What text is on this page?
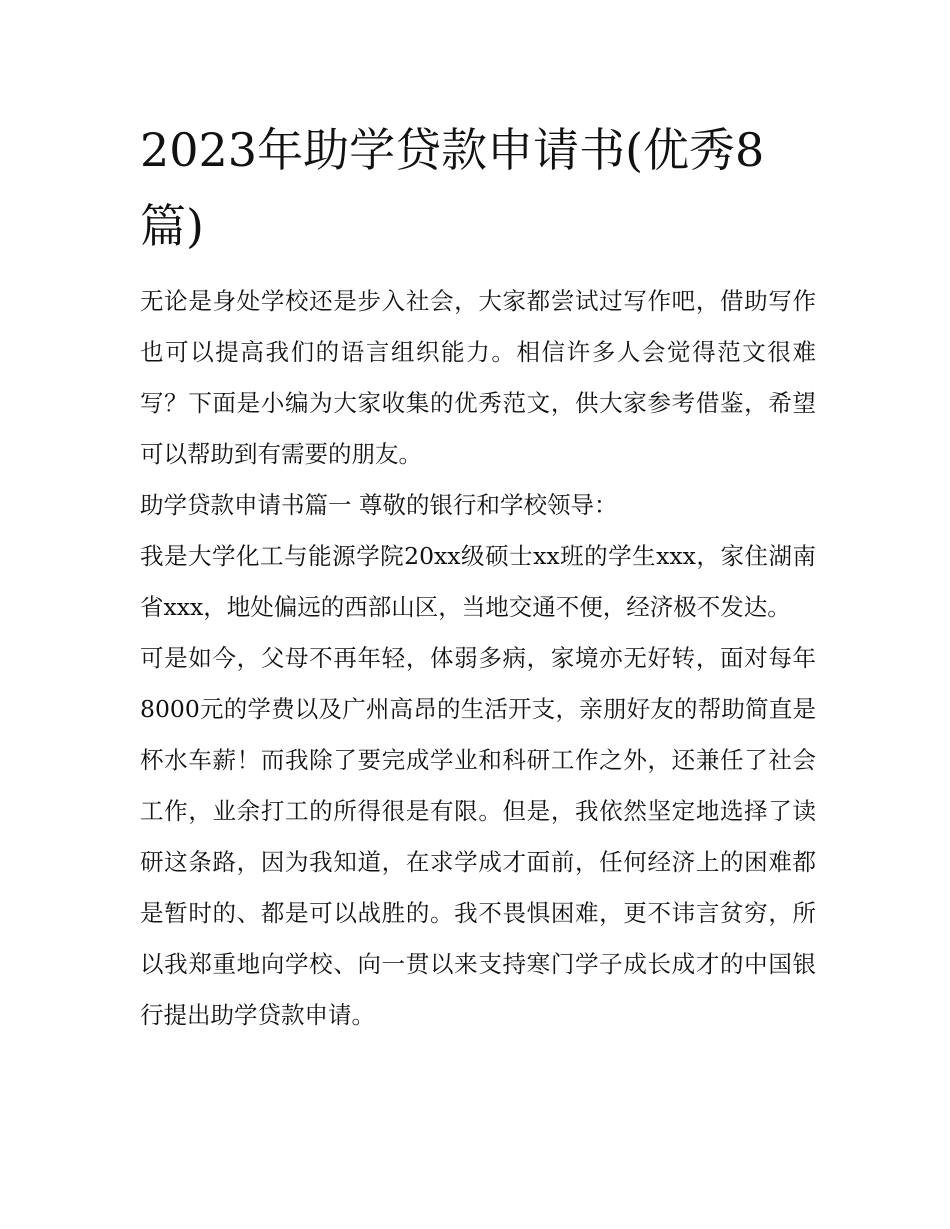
2023年助学贷款申请书(优秀8篇)

无论是身处学校还是步入社会，大家都尝试过写作吧，借助写作也可以提高我们的语言组织能力。相信许多人会觉得范文很难写？下面是小编为大家收集的优秀范文，供大家参考借鉴，希望可以帮助到有需要的朋友。

助学贷款申请书篇一 尊敬的银行和学校领导：

我是大学化工与能源学院20xx级硕士xx班的学生xxx，家住湖南省xxx，地处偏远的西部山区，当地交通不便，经济极不发达。

可是如今，父母不再年轻，体弱多病，家境亦无好转，面对每年8000元的学费以及广州高昂的生活开支，亲朋好友的帮助简直是杯水车薪！而我除了要完成学业和科研工作之外，还兼任了社会工作，业余打工的所得很是有限。但是，我依然坚定地选择了读研这条路，因为我知道，在求学成才面前，任何经济上的困难都是暂时的、都是可以战胜的。我不畏惧困难，更不讳言贫穷，所以我郑重地向学校、向一贯以来支持寒门学子成长成才的中国银行提出助学贷款申请。
